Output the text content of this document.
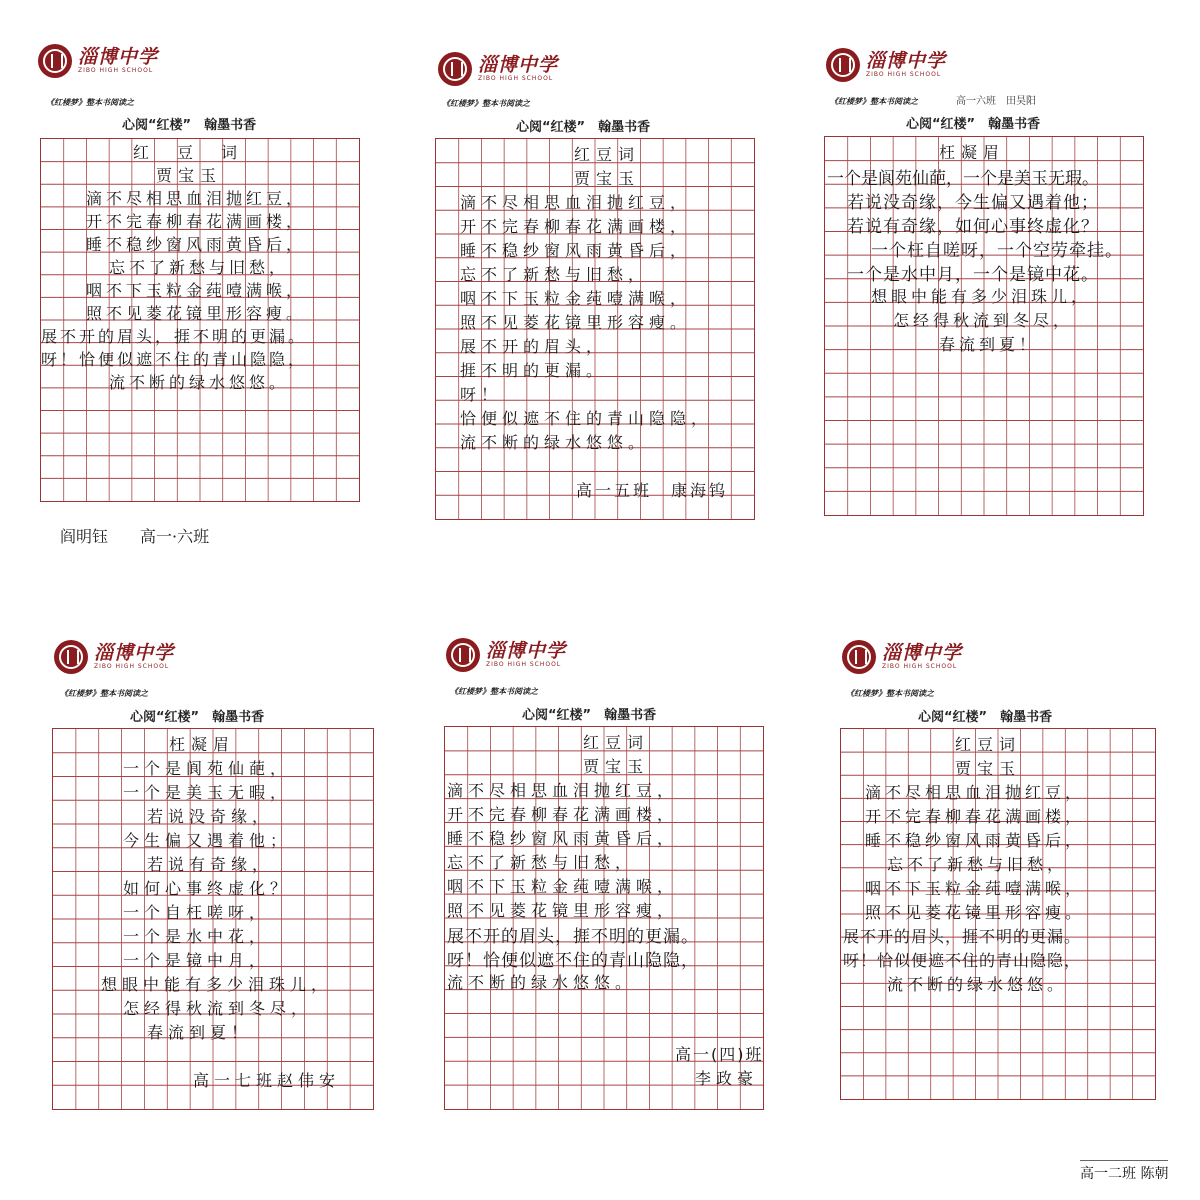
淄博中学
ZIBO HIGH SCHOOL
《红楼梦》整本书阅读之
心阅“红楼”　翰墨书香
红　豆　词
贾宝玉
滴不尽相思血泪抛红豆，
开不完春柳春花满画楼，
睡不稳纱窗风雨黄昏后，
忘不了新愁与旧愁，
咽不下玉粒金莼噎满喉，
照不见菱花镜里形容瘦。
展不开的眉头，捱不明的更漏。
呀！恰便似遮不住的青山隐隐，
流不断的绿水悠悠。
阎明钰　　高一·六班
淄博中学
ZIBO HIGH SCHOOL
《红楼梦》整本书阅读之
心阅“红楼”　翰墨书香
红豆词
贾宝玉
滴不尽相思血泪抛红豆，
开不完春柳春花满画楼，
睡不稳纱窗风雨黄昏后，
忘不了新愁与旧愁，
咽不下玉粒金莼噎满喉，
照不见菱花镜里形容瘦。
展不开的眉头，
捱不明的更漏。
呀！
恰便似遮不住的青山隐隐，
流不断的绿水悠悠。
高一五班　康海钨
淄博中学
ZIBO HIGH SCHOOL
《红楼梦》整本书阅读之	高一六班　田昊阳
心阅“红楼”　翰墨书香
枉凝眉
一个是阆苑仙葩，一个是美玉无瑕。
若说没奇缘，今生偏又遇着他；
若说有奇缘，如何心事终虚化？
一个枉自嗟呀，一个空劳牵挂。
一个是水中月，一个是镜中花。
想眼中能有多少泪珠儿，
怎经得秋流到冬尽，
春流到夏！
淄博中学
ZIBO HIGH SCHOOL
《红楼梦》整本书阅读之
心阅“红楼”　翰墨书香
枉凝眉
一个是阆苑仙葩，
一个是美玉无暇，
若说没奇缘，
今生偏又遇着他；
若说有奇缘，
如何心事终虚化？
一个自枉嗟呀，
一个是水中花，
一个是镜中月，
想眼中能有多少泪珠儿，
怎经得秋流到冬尽，
春流到夏！
高一七班赵伟安
淄博中学
ZIBO HIGH SCHOOL
《红楼梦》整本书阅读之
心阅“红楼”　翰墨书香
红豆词
贾宝玉
滴不尽相思血泪抛红豆，
开不完春柳春花满画楼，
睡不稳纱窗风雨黄昏后，
忘不了新愁与旧愁，
咽不下玉粒金莼噎满喉，
照不见菱花镜里形容瘦，
展不开的眉头，捱不明的更漏。
呀！恰便似遮不住的青山隐隐，
流不断的绿水悠悠。
高一(四)班
李政豪
淄博中学
ZIBO HIGH SCHOOL
《红楼梦》整本书阅读之
心阅“红楼”　翰墨书香
红豆词
贾宝玉
滴不尽相思血泪抛红豆，
开不完春柳春花满画楼，
睡不稳纱窗风雨黄昏后，
忘不了新愁与旧愁，
咽不下玉粒金莼噎满喉，
照不见菱花镜里形容瘦。
展不开的眉头，捱不明的更漏。
呀！恰似便遮不住的青山隐隐，
流不断的绿水悠悠。
高一二班 陈朝
